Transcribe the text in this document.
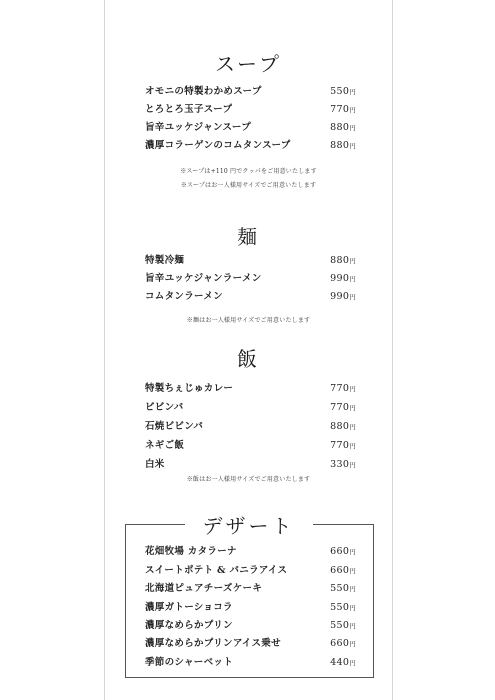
スープ
オモニの特製わかめスープ	550円
とろとろ玉子スープ	770円
旨辛ユッケジャンスープ	880円
濃厚コラーゲンのコムタンスープ	880円
※スープは+110 円でクッパをご用意いたします
※スープはお一人様用サイズでご用意いたします
麺
特製冷麺	880円
旨辛ユッケジャンラーメン	990円
コムタンラーメン	990円
※麺はお一人様用サイズでご用意いたします
飯
特製ちぇじゅカレー	770円
ビビンバ	770円
石焼ビビンバ	880円
ネギご飯	770円
白米	330円
※飯はお一人様用サイズでご用意いたします
デザート
花畑牧場 カタラーナ	660円
スイートポテト & バニラアイス	660円
北海道ピュアチーズケーキ	550円
濃厚ガトーショコラ	550円
濃厚なめらかプリン	550円
濃厚なめらかプリンアイス乗せ	660円
季節のシャーベット	440円
